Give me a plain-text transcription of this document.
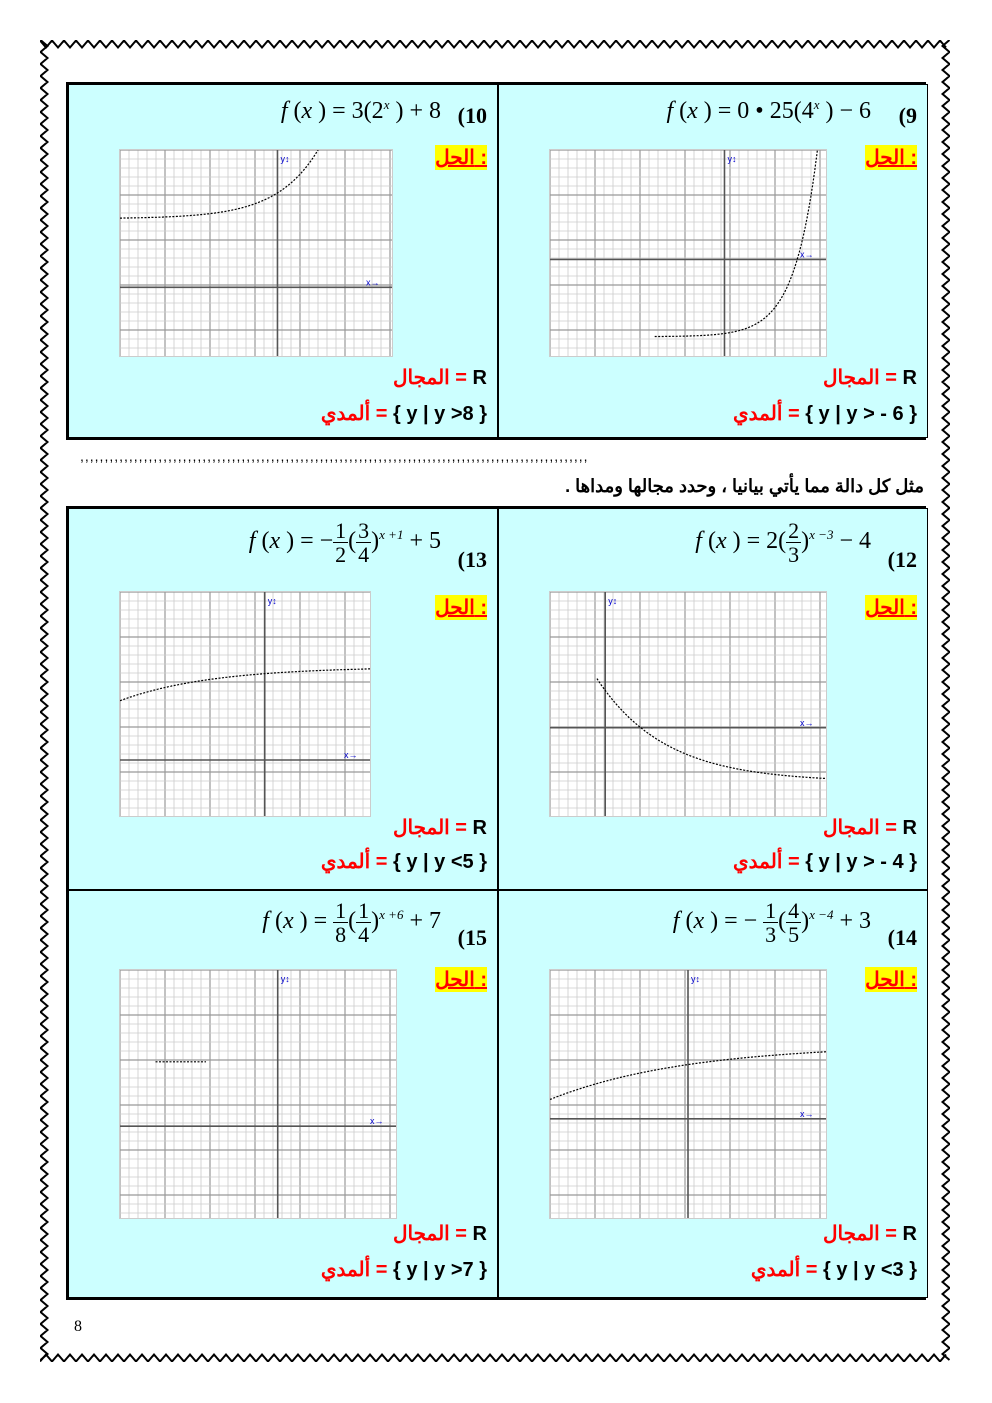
(10
f (x ) = $3(2^x$ ) + 8
الحل :
x→
y↕
المجال = R
ألمدي = { y | y >8 }
(9
f (x ) = 0 • 25(4$^x$ ) − 6
الحل :
x→
y↕
المجال = R
ألمدي = { y | y > - 6 }
,,,,,,,,,,,,,,,,,,,,,,,,,,,,,,,,,,,,,,,,,,,,,,,,,,,,,,,,,,,,,,,,,,,,,,,,,,,,,,,,,,,,,,,,,,,,,,,,,,,,,,,,
مثل كل دالة مما يأتي بيانيا ، وحدد مجالها ومداها .
(13
f (x ) = − $\frac{1}{2}$ ( $\frac{3}{4} )^{x +1} + 5$
الحل :
x→
y↕
المجال = R
ألمدي = { y | y <5 }
(12
f (x ) = $2( \frac{2}{3} )^{x -3} - 4$
الحل :
x→
y↕
المجال = R
ألمدي = { y | y > - 4 }
(15
f (x ) = $\frac{1}{8}$ ( $\frac{1}{4} )^{x +6} + 7$
الحل :
x→
y↕
المجال = R
ألمدي = { y | y >7 }
(14
f (x ) = − $\frac{1}{3}$ ( $\frac{4}{5} )^{x -4} + 3$
الحل :
x→
y↕
المجال = R
ألمدي = { y | y <3 }
8
